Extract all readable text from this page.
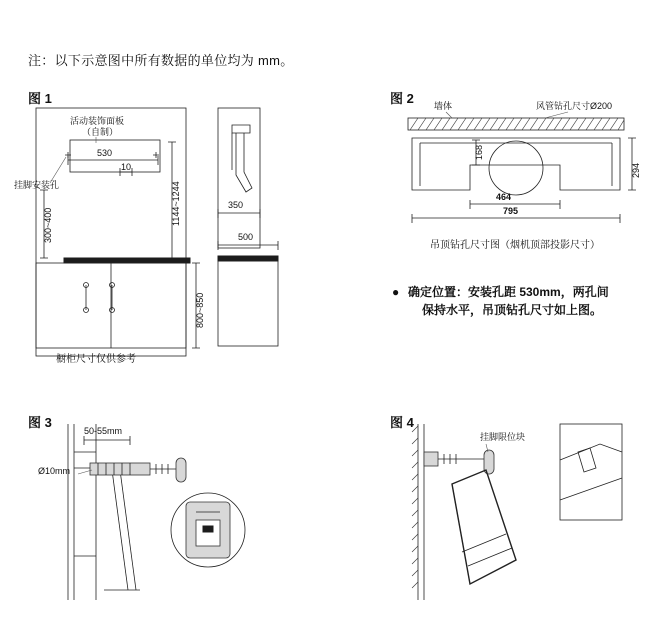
注：以下示意图中所有数据的单位均为 mm。
图 1	图 2
图 3	图 4
活动装饰面板
（自制）
挂脚安装孔
530
10
1144~1244
300~400
800~850
350
500
橱柜尺寸仅供参考
墙体	风管钻孔尺寸Ø200
168
294
464
795
吊顶钻孔尺寸图（烟机顶部投影尺寸）
● 确定位置：安装孔距 530mm，两孔间
保持水平，吊顶钻孔尺寸如上图。
50-55mm
Ø10mm
挂脚限位块
